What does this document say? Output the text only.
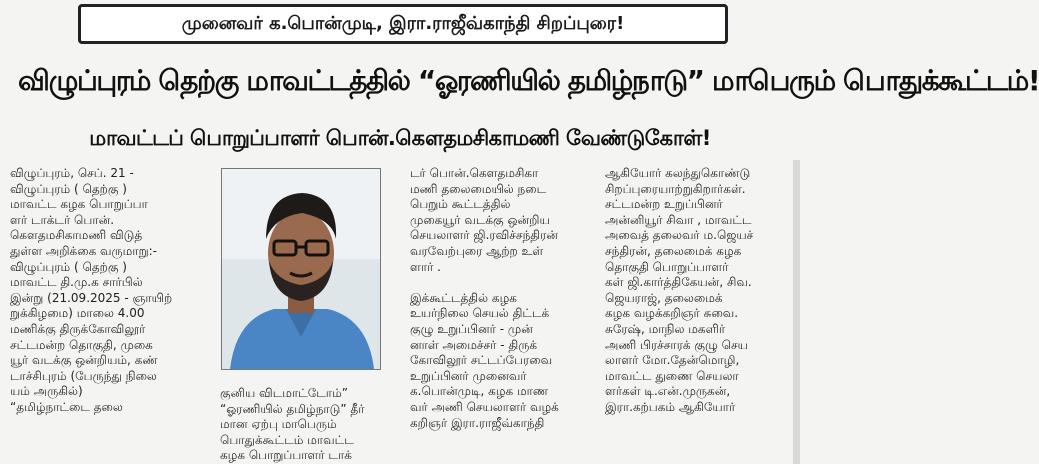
முனைவர் க.பொன்முடி, இரா.ராஜீவ்காந்தி சிறப்புரை!
விழுப்புரம் தெற்கு மாவட்டத்தில் “ஓரணியில் தமிழ்நாடு” மாபெரும் பொதுக்கூட்டம்!
மாவட்டப் பொறுப்பாளர் பொன்.கௌதமசிகாமணி வேண்டுகோள்!

விழுப்புரம், செப். 21 -

விழுப்புரம் ( தெற்கு )

மாவட்ட கழக பொறுப்பா

ளர் டாக்டர் பொன்.

கௌதமசிகாமணி விடுத்

துள்ள அறிக்கை வருமாறு:-

விழுப்புரம் ( தெற்கு )

மாவட்ட தி.மு.க சார்பில்

இன்று (21.09.2025 - ஞாயிற்

றுக்கிழமை) மாலை 4.00

மணிக்கு திருக்கோவிலூர்

சட்டமன்ற தொகுதி, முகை

யூர் வடக்கு ஒன்றியம், கண்

டாச்சிபுரம் (பேருந்து நிலை

யம் அருகில்)

“தமிழ்நாட்டை தலை

குனிய விடமாட்டோம்”

“ஓரணியில் தமிழ்நாடு” தீர்

மான ஏற்பு மாபெரும்

பொதுக்கூட்டம் மாவட்ட

கழக பொறுப்பாளர் டாக்

டர் பொன்.கௌதமசிகா

மணி தலைமையில் நடை

பெறும் கூட்டத்தில்

முகையூர் வடக்கு ஒன்றிய

செயலாளர் ஜி.ரவிச்சந்திரன்

வரவேற்புரை ஆற்ற உள்

ளார் .

இக்கூட்டத்தில் கழக

உயர்நிலை செயல் திட்டக்

குழு உறுப்பினர் - முன்

னாள் அமைச்சர் - திருக்

கோவிலூர் சட்டப்பேரவை

உறுப்பினர் முனைவர்

க.பொன்முடி, கழக மாண

வர் அணி செயலாளர் வழக்

கறிஞர் இரா.ராஜீவ்காந்தி

ஆகியோர் கலந்துகொண்டு

சிறப்புரையாற்றுகிறார்கள்.

சட்டமன்ற உறுப்பினர்

அன்னியூர் சிவா , மாவட்ட

அவைத் தலைவர் ம.ஜெயச்

சந்திரன், தலைமைக் கழக

தொகுதி பொறுப்பாளர்

கள் ஜி.கார்த்திகேயன், சிவ.

ஜெயராஜ், தலைமைக்

கழக வழக்கறிஞர் சுவை.

சுரேஷ், மாநில மகளிர்

அணி பிரச்சாரக் குழு செய

லாளர் மோ.தேன்மொழி,

மாவட்ட துணை செயலா

ளர்கள் டி.என்.முருகன்,

இரா.கற்பகம் ஆகியோர்
